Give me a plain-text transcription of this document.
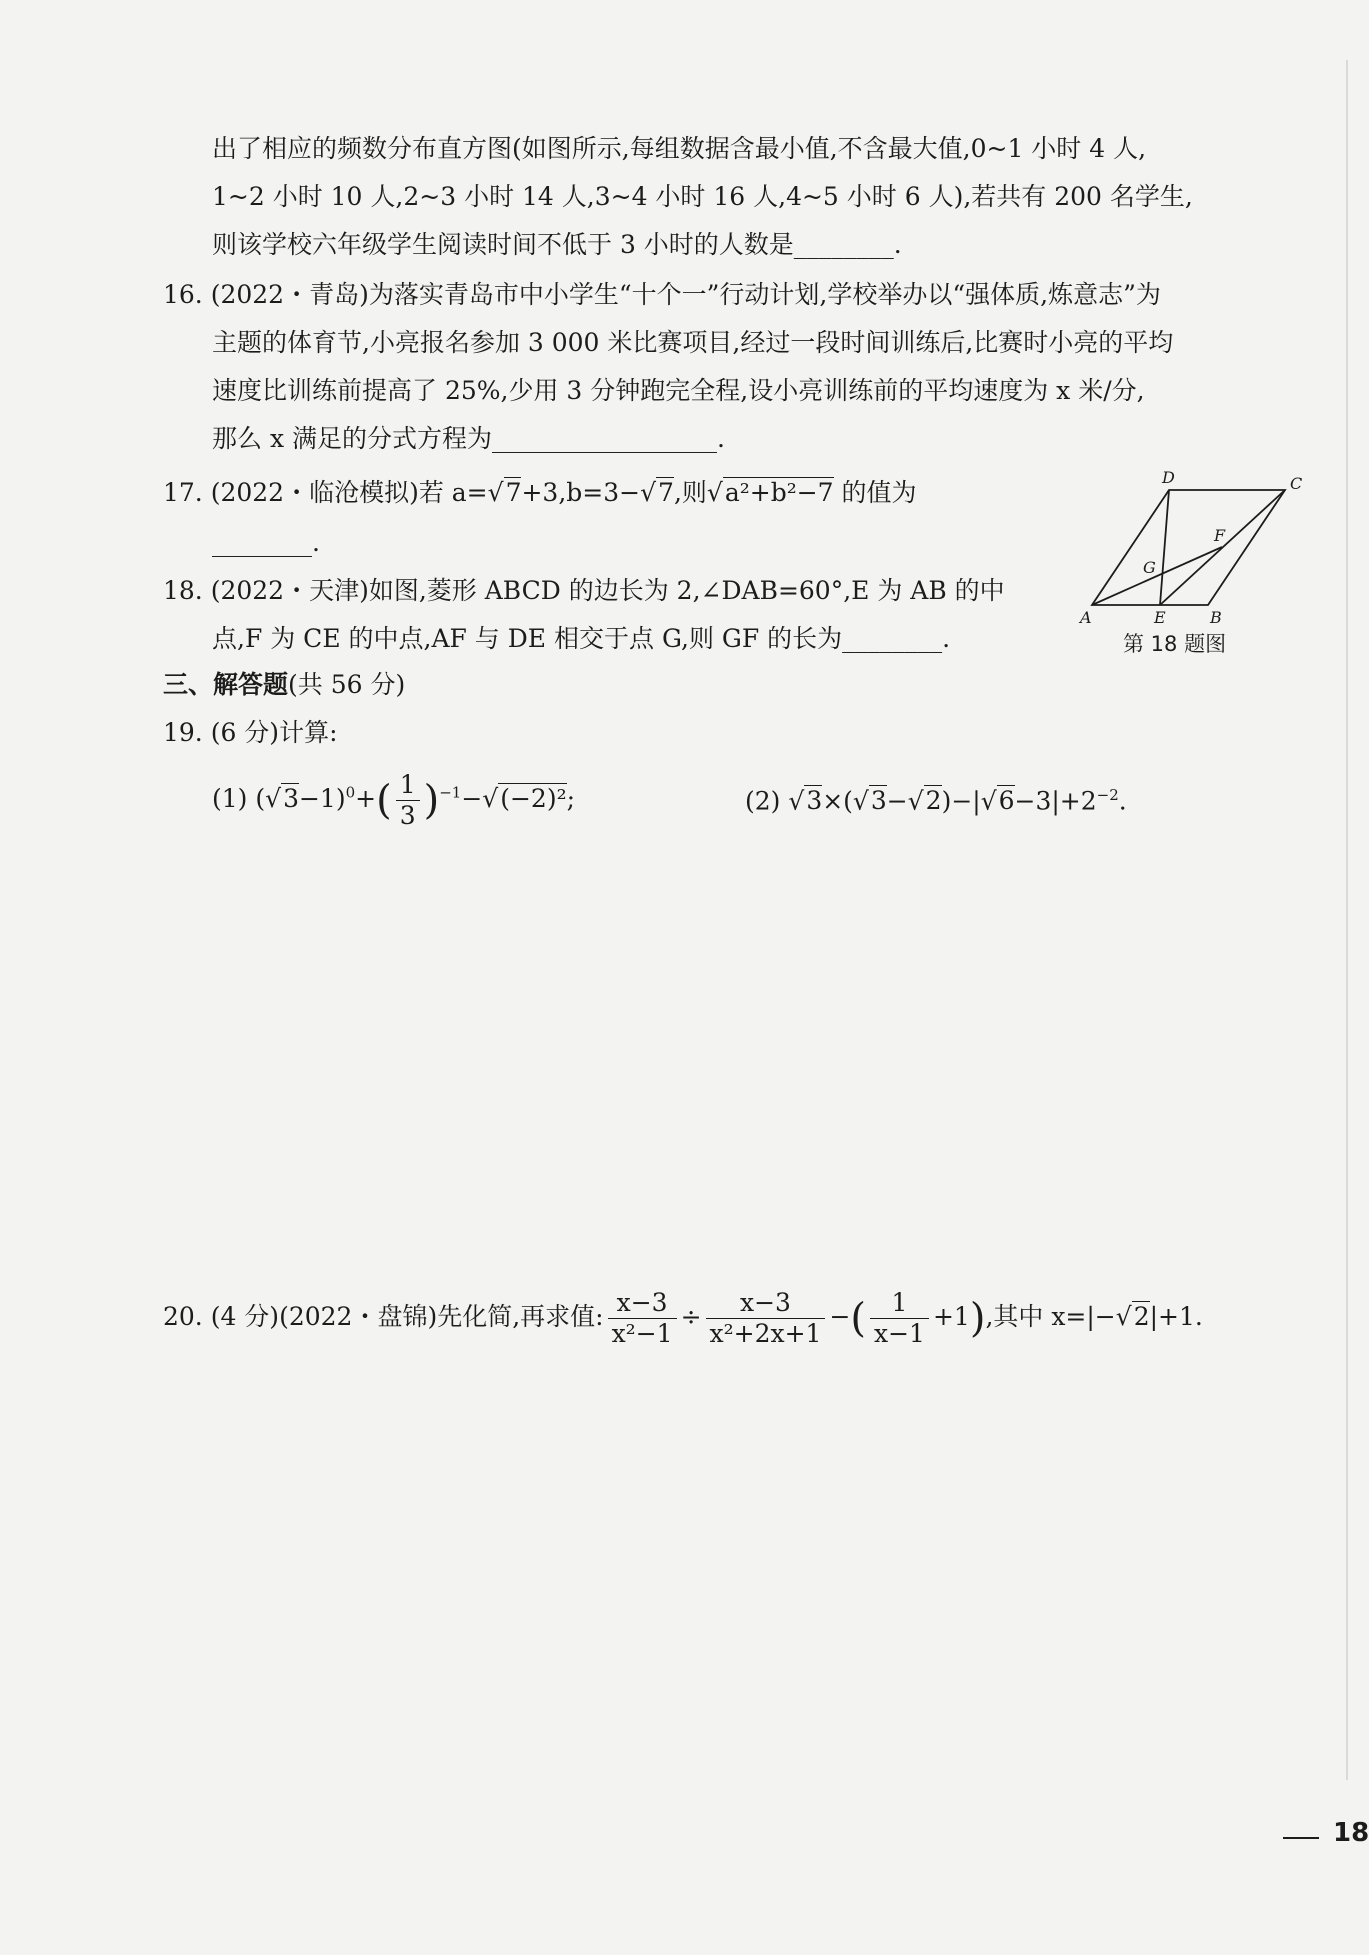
出了相应的频数分布直方图(如图所示,每组数据含最小值,不含最大值,0~1 小时 4 人,
1~2 小时 10 人,2~3 小时 14 人,3~4 小时 16 人,4~5 小时 6 人),若共有 200 名学生,
则该学校六年级学生阅读时间不低于 3 小时的人数是________.
16. (2022・青岛)为落实青岛市中小学生“十个一”行动计划,学校举办以“强体质,炼意志”为
主题的体育节,小亮报名参加 3 000 米比赛项目,经过一段时间训练后,比赛时小亮的平均
速度比训练前提高了 25%,少用 3 分钟跑完全程,设小亮训练前的平均速度为 x 米/分,
那么 x 满足的分式方程为__________________.
17. (2022・临沧模拟)若 a=√7+3,b=3−√7,则√a²+b²−7 的值为
________.
18. (2022・天津)如图,菱形 ABCD 的边长为 2,∠DAB=60°,E 为 AB 的中
点,F 为 CE 的中点,AF 与 DE 相交于点 G,则 GF 的长为________.
A	E	B
C
D
F
G
第 18 题图
三、解答题(共 56 分)
19. (6 分)计算:
(1) $(√3-1)^0+( \frac{1}{3} )^{-1}-√(-2)^2$;	(2) $√3\times(√3-√2)-|√6-3|+2^{-2}$.
20. (4 分)(2022・盘锦)先化简,再求值: $\frac{x-3}{\text{x²−1}} \div \frac{x-3}{\text{x²+2x+1}}$ −( $\frac{1}{x-1} +1$),其中 x=|−√2|+1.
18
